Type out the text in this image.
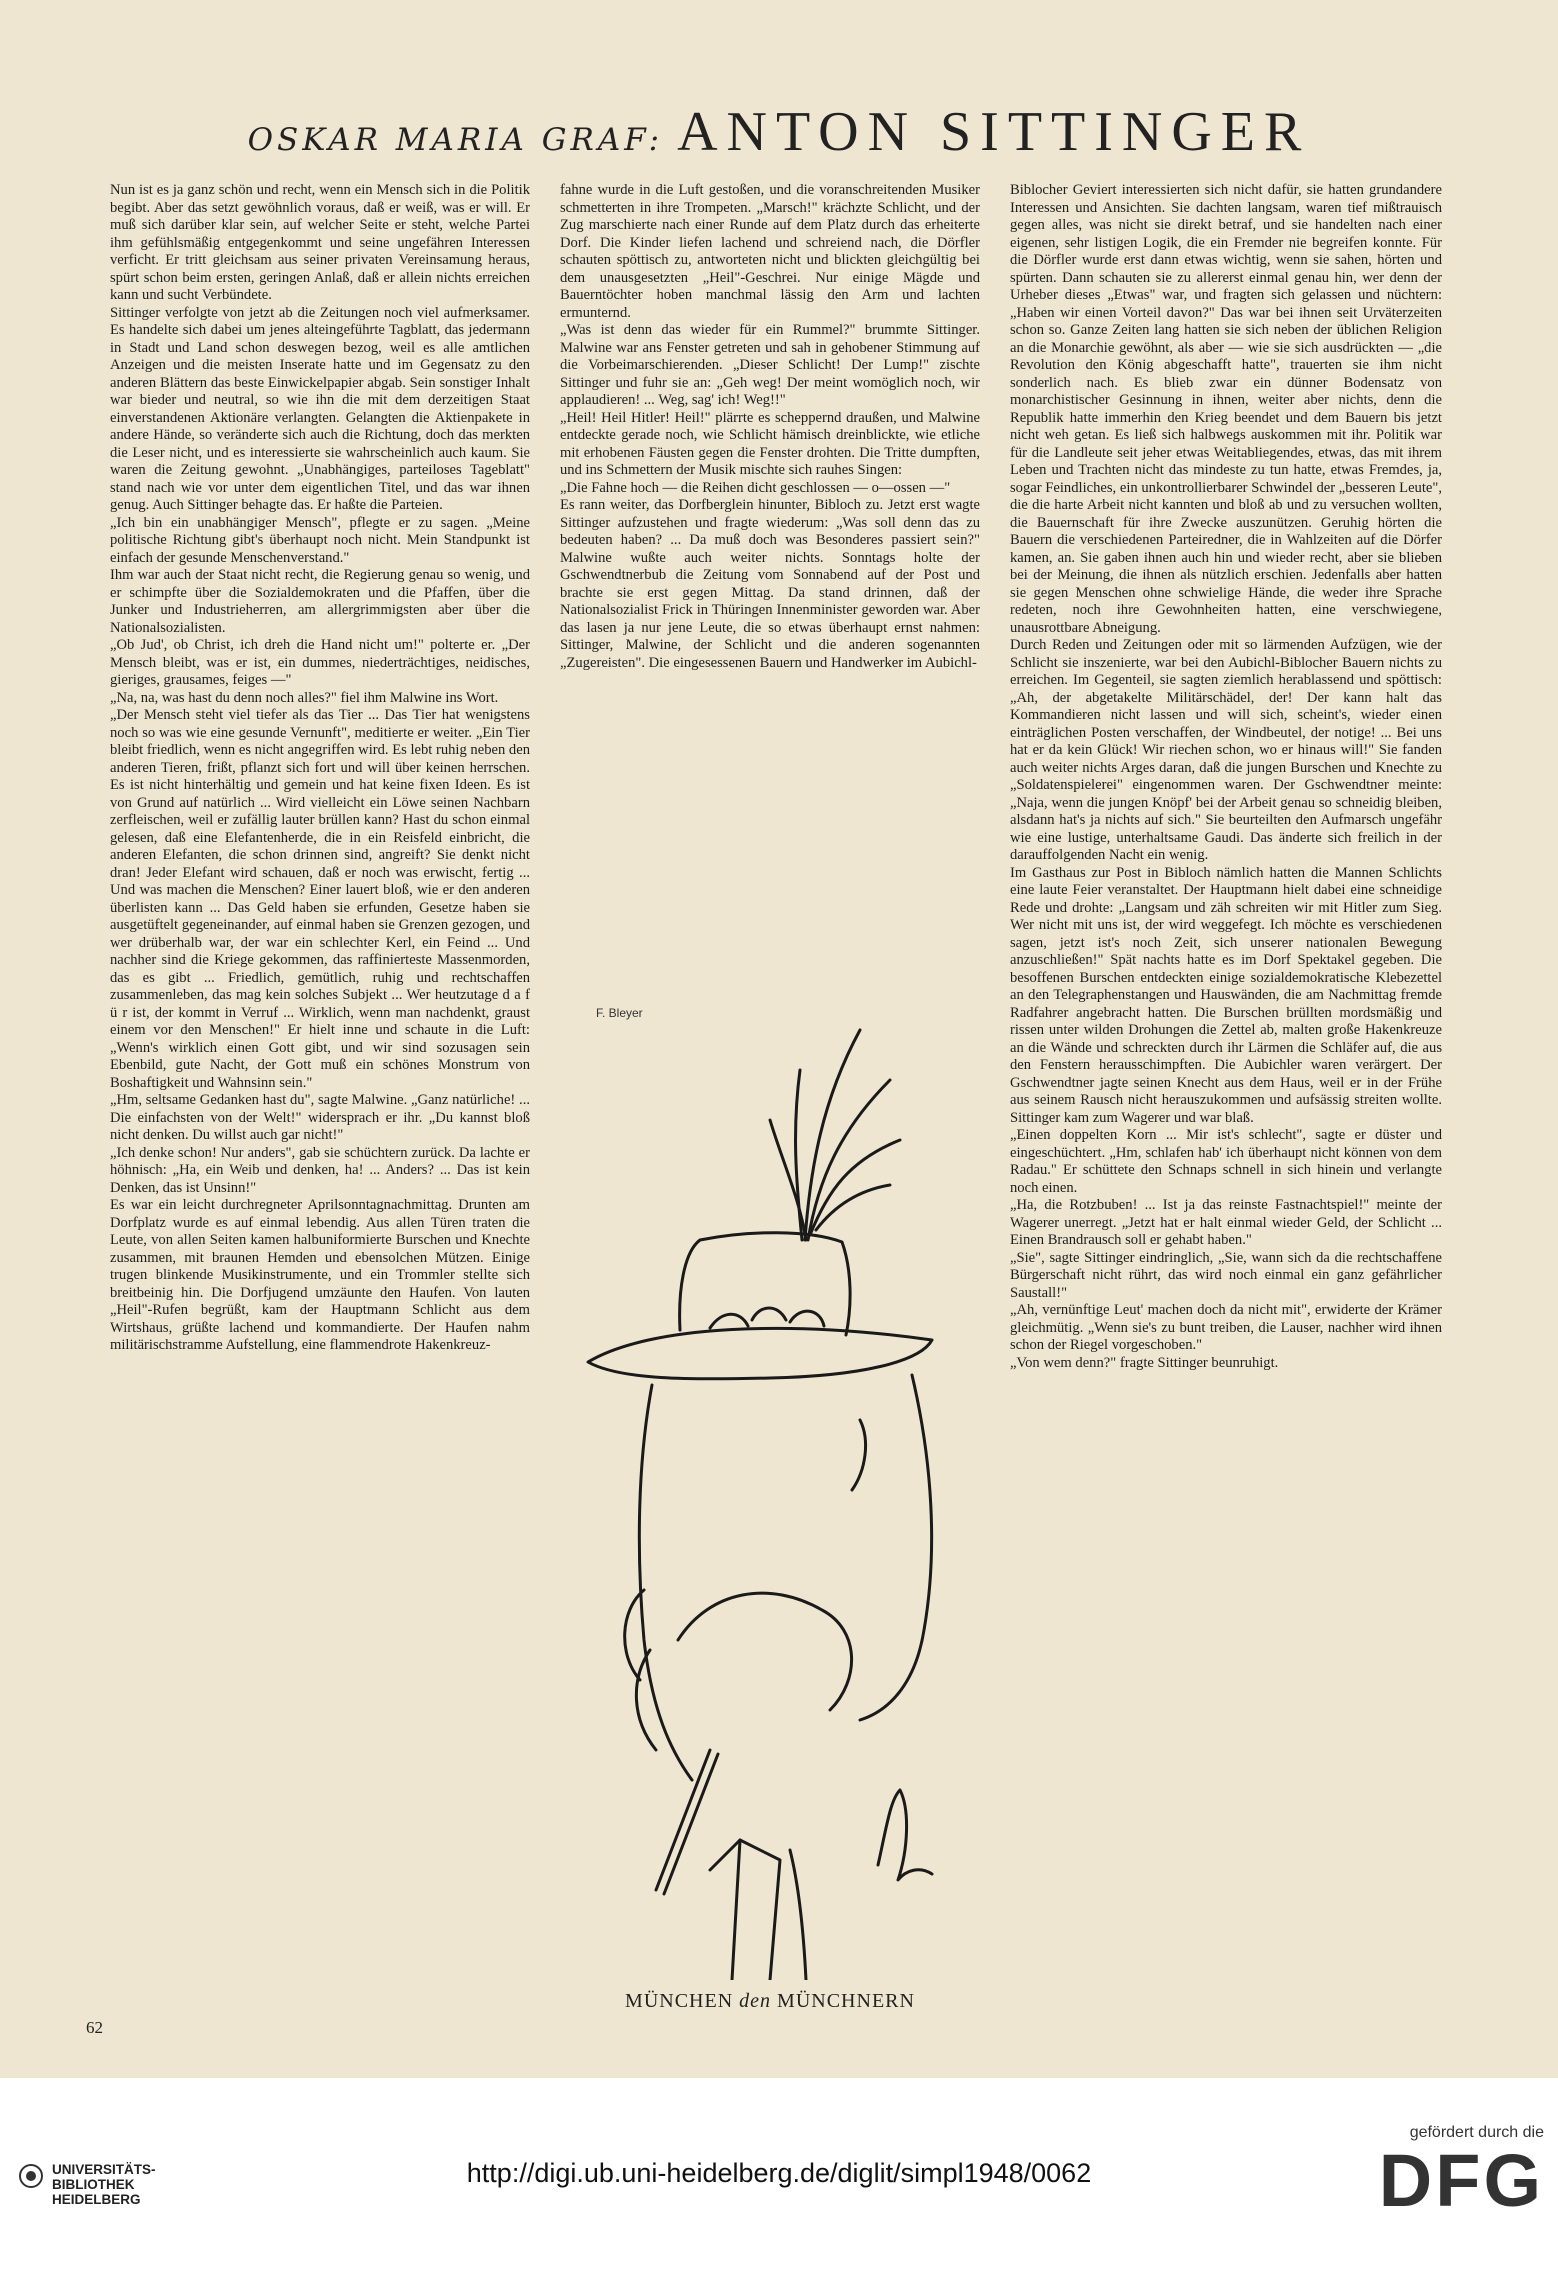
OSKAR MARIA GRAF: ANTON SITTINGER

Nun ist es ja ganz schön und recht, wenn ein Mensch sich in die Politik begibt. Aber das setzt gewöhnlich voraus, daß er weiß, was er will. Er muß sich darüber klar sein, auf welcher Seite er steht, welche Partei ihm gefühlsmäßig entgegenkommt und seine ungefähren Interessen verficht. Er tritt gleichsam aus seiner privaten Vereinsamung heraus, spürt schon beim ersten, geringen Anlaß, daß er allein nichts erreichen kann und sucht Verbündete.

Sittinger verfolgte von jetzt ab die Zeitungen noch viel aufmerksamer. Es handelte sich dabei um jenes alteingeführte Tagblatt, das jedermann in Stadt und Land schon deswegen bezog, weil es alle amtlichen Anzeigen und die meisten Inserate hatte und im Gegensatz zu den anderen Blättern das beste Einwickelpapier abgab. Sein sonstiger Inhalt war bieder und neutral, so wie ihn die mit dem derzeitigen Staat einverstandenen Aktionäre verlangten. Gelangten die Aktienpakete in andere Hände, so veränderte sich auch die Richtung, doch das merkten die Leser nicht, und es interessierte sie wahrscheinlich auch kaum. Sie waren die Zeitung gewohnt. „Unabhängiges, parteiloses Tageblatt" stand nach wie vor unter dem eigentlichen Titel, und das war ihnen genug. Auch Sittinger behagte das. Er haßte die Parteien.

„Ich bin ein unabhängiger Mensch", pflegte er zu sagen. „Meine politische Richtung gibt's überhaupt noch nicht. Mein Standpunkt ist einfach der gesunde Menschenverstand."

Ihm war auch der Staat nicht recht, die Regierung genau so wenig, und er schimpfte über die Sozialdemokraten und die Pfaffen, über die Junker und Industrieherren, am allergrimmigsten aber über die Nationalsozialisten.

„Ob Jud', ob Christ, ich dreh die Hand nicht um!" polterte er. „Der Mensch bleibt, was er ist, ein dummes, niederträchtiges, neidisches, gieriges, grausames, feiges —"

„Na, na, was hast du denn noch alles?" fiel ihm Malwine ins Wort.

„Der Mensch steht viel tiefer als das Tier ... Das Tier hat wenigstens noch so was wie eine gesunde Vernunft", meditierte er weiter. „Ein Tier bleibt friedlich, wenn es nicht angegriffen wird. Es lebt ruhig neben den anderen Tieren, frißt, pflanzt sich fort und will über keinen herrschen. Es ist nicht hinterhältig und gemein und hat keine fixen Ideen. Es ist von Grund auf natürlich ... Wird vielleicht ein Löwe seinen Nachbarn zerfleischen, weil er zufällig lauter brüllen kann? Hast du schon einmal gelesen, daß eine Elefantenherde, die in ein Reisfeld einbricht, die anderen Elefanten, die schon drinnen sind, angreift? Sie denkt nicht dran! Jeder Elefant wird schauen, daß er noch was erwischt, fertig ... Und was machen die Menschen? Einer lauert bloß, wie er den anderen überlisten kann ... Das Geld haben sie erfunden, Gesetze haben sie ausgetüftelt gegeneinander, auf einmal haben sie Grenzen gezogen, und wer drüberhalb war, der war ein schlechter Kerl, ein Feind ... Und nachher sind die Kriege gekommen, das raffinierteste Massenmorden, das es gibt ... Friedlich, gemütlich, ruhig und rechtschaffen zusammenleben, das mag kein solches Subjekt ... Wer heutzutage d a f ü r ist, der kommt in Verruf ... Wirklich, wenn man nachdenkt, graust einem vor den Menschen!" Er hielt inne und schaute in die Luft: „Wenn's wirklich einen Gott gibt, und wir sind sozusagen sein Ebenbild, gute Nacht, der Gott muß ein schönes Monstrum von Boshaftigkeit und Wahnsinn sein."

„Hm, seltsame Gedanken hast du", sagte Malwine. „Ganz natürliche! ... Die einfachsten von der Welt!" widersprach er ihr. „Du kannst bloß nicht denken. Du willst auch gar nicht!"

„Ich denke schon! Nur anders", gab sie schüchtern zurück. Da lachte er höhnisch: „Ha, ein Weib und denken, ha! ... Anders? ... Das ist kein Denken, das ist Unsinn!"

Es war ein leicht durchregneter Aprilsonntagnachmittag. Drunten am Dorfplatz wurde es auf einmal lebendig. Aus allen Türen traten die Leute, von allen Seiten kamen halbuniformierte Burschen und Knechte zusammen, mit braunen Hemden und ebensolchen Mützen. Einige trugen blinkende Musikinstrumente, und ein Trommler stellte sich breitbeinig hin. Die Dorfjugend umzäunte den Haufen. Von lauten „Heil"-Rufen begrüßt, kam der Hauptmann Schlicht aus dem Wirtshaus, grüßte lachend und kommandierte. Der Haufen nahm militärischstramme Aufstellung, eine flammendrote Hakenkreuz-

fahne wurde in die Luft gestoßen, und die voranschreitenden Musiker schmetterten in ihre Trompeten. „Marsch!" krächzte Schlicht, und der Zug marschierte nach einer Runde auf dem Platz durch das erheiterte Dorf. Die Kinder liefen lachend und schreiend nach, die Dörfler schauten spöttisch zu, antworteten nicht und blickten gleichgültig bei dem unausgesetzten „Heil"-Geschrei. Nur einige Mägde und Bauerntöchter hoben manchmal lässig den Arm und lachten ermunternd.

„Was ist denn das wieder für ein Rummel?" brummte Sittinger. Malwine war ans Fenster getreten und sah in gehobener Stimmung auf die Vorbeimarschierenden. „Dieser Schlicht! Der Lump!" zischte Sittinger und fuhr sie an: „Geh weg! Der meint womöglich noch, wir applaudieren! ... Weg, sag' ich! Weg!!"

„Heil! Heil Hitler! Heil!" plärrte es scheppernd draußen, und Malwine entdeckte gerade noch, wie Schlicht hämisch dreinblickte, wie etliche mit erhobenen Fäusten gegen die Fenster drohten. Die Tritte dumpften, und ins Schmettern der Musik mischte sich rauhes Singen:

„Die Fahne hoch — die Reihen dicht geschlossen — o—ossen —"

Es rann weiter, das Dorfberglein hinunter, Bibloch zu. Jetzt erst wagte Sittinger aufzustehen und fragte wiederum: „Was soll denn das zu bedeuten haben? ... Da muß doch was Besonderes passiert sein?" Malwine wußte auch weiter nichts. Sonntags holte der Gschwendtnerbub die Zeitung vom Sonnabend auf der Post und brachte sie erst gegen Mittag. Da stand drinnen, daß der Nationalsozialist Frick in Thüringen Innenminister geworden war. Aber das lasen ja nur jene Leute, die so etwas überhaupt ernst nahmen: Sittinger, Malwine, der Schlicht und die anderen sogenannten „Zugereisten". Die eingesessenen Bauern und Handwerker im Aubichl-

Biblocher Geviert interessierten sich nicht dafür, sie hatten grundandere Interessen und Ansichten. Sie dachten langsam, waren tief mißtrauisch gegen alles, was nicht sie direkt betraf, und sie handelten nach einer eigenen, sehr listigen Logik, die ein Fremder nie begreifen konnte. Für die Dörfler wurde erst dann etwas wichtig, wenn sie sahen, hörten und spürten. Dann schauten sie zu allererst einmal genau hin, wer denn der Urheber dieses „Etwas" war, und fragten sich gelassen und nüchtern: „Haben wir einen Vorteil davon?" Das war bei ihnen seit Urväterzeiten schon so. Ganze Zeiten lang hatten sie sich neben der üblichen Religion an die Monarchie gewöhnt, als aber — wie sie sich ausdrückten — „die Revolution den König abgeschafft hatte", trauerten sie ihm nicht sonderlich nach. Es blieb zwar ein dünner Bodensatz von monarchistischer Gesinnung in ihnen, weiter aber nichts, denn die Republik hatte immerhin den Krieg beendet und dem Bauern bis jetzt nicht weh getan. Es ließ sich halbwegs auskommen mit ihr. Politik war für die Landleute seit jeher etwas Weitabliegendes, etwas, das mit ihrem Leben und Trachten nicht das mindeste zu tun hatte, etwas Fremdes, ja, sogar Feindliches, ein unkontrollierbarer Schwindel der „besseren Leute", die die harte Arbeit nicht kannten und bloß ab und zu versuchen wollten, die Bauernschaft für ihre Zwecke auszunützen. Geruhig hörten die Bauern die verschiedenen Parteiredner, die in Wahlzeiten auf die Dörfer kamen, an. Sie gaben ihnen auch hin und wieder recht, aber sie blieben bei der Meinung, die ihnen als nützlich erschien. Jedenfalls aber hatten sie gegen Menschen ohne schwielige Hände, die weder ihre Sprache redeten, noch ihre Gewohnheiten hatten, eine verschwiegene, unausrottbare Abneigung.

Durch Reden und Zeitungen oder mit so lärmenden Aufzügen, wie der Schlicht sie inszenierte, war bei den Aubichl-Biblocher Bauern nichts zu erreichen. Im Gegenteil, sie sagten ziemlich herablassend und spöttisch: „Ah, der abgetakelte Militärschädel, der! Der kann halt das Kommandieren nicht lassen und will sich, scheint's, wieder einen einträglichen Posten verschaffen, der Windbeutel, der notige! ... Bei uns hat er da kein Glück! Wir riechen schon, wo er hinaus will!" Sie fanden auch weiter nichts Arges daran, daß die jungen Burschen und Knechte zu „Soldatenspielerei" eingenommen waren. Der Gschwendtner meinte: „Naja, wenn die jungen Knöpf' bei der Arbeit genau so schneidig bleiben, alsdann hat's ja nichts auf sich." Sie beurteilten den Aufmarsch ungefähr wie eine lustige, unterhaltsame Gaudi. Das änderte sich freilich in der darauffolgenden Nacht ein wenig.

Im Gasthaus zur Post in Bibloch nämlich hatten die Mannen Schlichts eine laute Feier veranstaltet. Der Hauptmann hielt dabei eine schneidige Rede und drohte: „Langsam und zäh schreiten wir mit Hitler zum Sieg. Wer nicht mit uns ist, der wird weggefegt. Ich möchte es verschiedenen sagen, jetzt ist's noch Zeit, sich unserer nationalen Bewegung anzuschließen!" Spät nachts hatte es im Dorf Spektakel gegeben. Die besoffenen Burschen entdeckten einige sozialdemokratische Klebezettel an den Telegraphenstangen und Hauswänden, die am Nachmittag fremde Radfahrer angebracht hatten. Die Burschen brüllten mordsmäßig und rissen unter wilden Drohungen die Zettel ab, malten große Hakenkreuze an die Wände und schreckten durch ihr Lärmen die Schläfer auf, die aus den Fenstern herausschimpften. Die Aubichler waren verärgert. Der Gschwendtner jagte seinen Knecht aus dem Haus, weil er in der Frühe aus seinem Rausch nicht herauszukommen und aufsässig streiten wollte. Sittinger kam zum Wagerer und war blaß.

„Einen doppelten Korn ... Mir ist's schlecht", sagte er düster und eingeschüchtert. „Hm, schlafen hab' ich überhaupt nicht können von dem Radau." Er schüttete den Schnaps schnell in sich hinein und verlangte noch einen.

„Ha, die Rotzbuben! ... Ist ja das reinste Fastnachtspiel!" meinte der Wagerer unerregt. „Jetzt hat er halt einmal wieder Geld, der Schlicht ... Einen Brandrausch soll er gehabt haben."

„Sie", sagte Sittinger eindringlich, „Sie, wann sich da die rechtschaffene Bürgerschaft nicht rührt, das wird noch einmal ein ganz gefährlicher Saustall!"

„Ah, vernünftige Leut' machen doch da nicht mit", erwiderte der Krämer gleichmütig. „Wenn sie's zu bunt treiben, die Lauser, nachher wird ihnen schon der Riegel vorgeschoben."

„Von wem denn?" fragte Sittinger beunruhigt.

F. Bleyer
MÜNCHEN den MÜNCHNERN
62
UNIVERSITÄTS-
BIBLIOTHEK
HEIDELBERG
http://digi.ub.uni-heidelberg.de/diglit/simpl1948/0062
gefördert durch die
DFG
